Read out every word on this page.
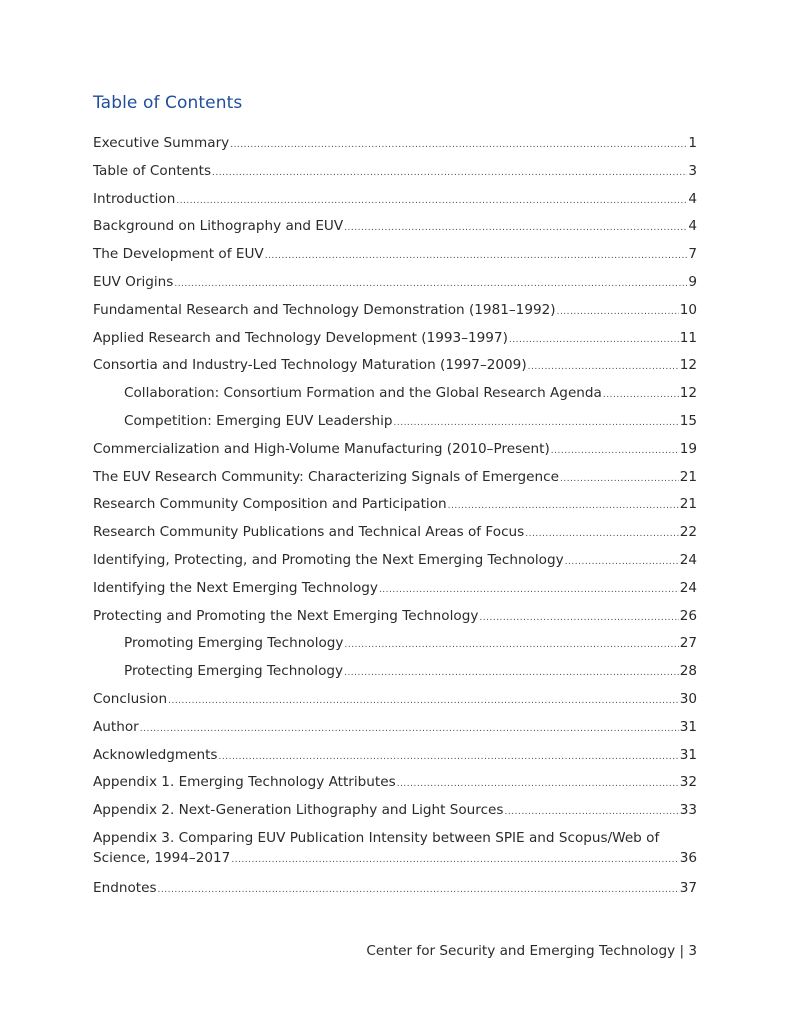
Table of Contents
Executive Summary .....	1
Table of Contents .....	3
Introduction .....	4
Background on Lithography and EUV .....	4
The Development of EUV .....	7
EUV Origins .....	9
Fundamental Research and Technology Demonstration (1981–1992) .....	10
Applied Research and Technology Development (1993–1997) .....	11
Consortia and Industry-Led Technology Maturation (1997–2009) .....	12
Collaboration: Consortium Formation and the Global Research Agenda .....	12
Competition: Emerging EUV Leadership .....	15
Commercialization and High-Volume Manufacturing (2010–Present) .....	19
The EUV Research Community: Characterizing Signals of Emergence .....	21
Research Community Composition and Participation .....	21
Research Community Publications and Technical Areas of Focus .....	22
Identifying, Protecting, and Promoting the Next Emerging Technology .....	24
Identifying the Next Emerging Technology .....	24
Protecting and Promoting the Next Emerging Technology .....	26
Promoting Emerging Technology .....	27
Protecting Emerging Technology .....	28
Conclusion .....	30
Author .....	31
Acknowledgments .....	31
Appendix 1. Emerging Technology Attributes .....	32
Appendix 2. Next-Generation Lithography and Light Sources .....	33
Appendix 3. Comparing EUV Publication Intensity between SPIE and Scopus/Web of
Science, 1994–2017 .....	36
Endnotes .....	37
Center for Security and Emerging Technology | 3
